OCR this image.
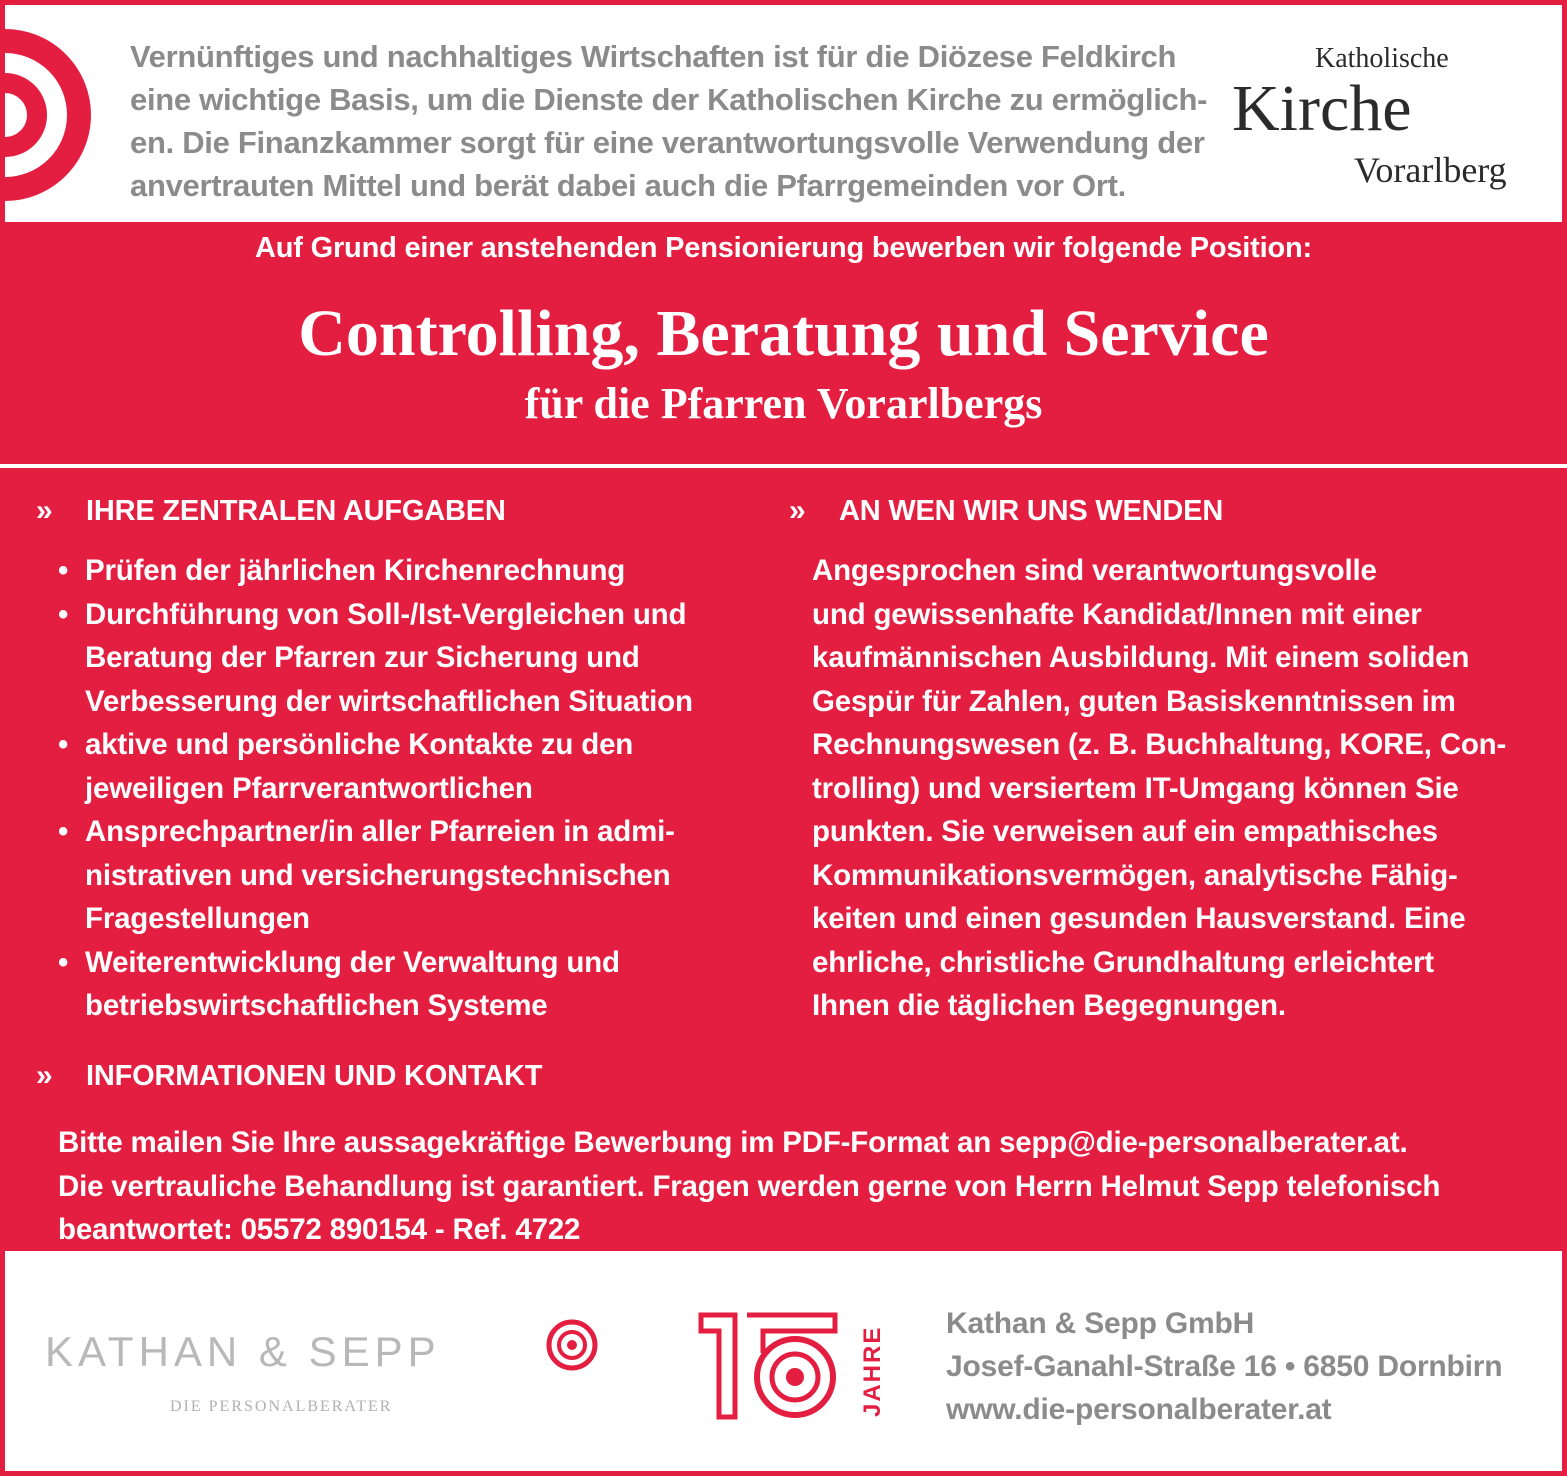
Vernünftiges und nachhaltiges Wirtschaften ist für die Diözese Feldkirch
eine wichtige Basis, um die Dienste der Katholischen Kirche zu ermöglich-
en. Die Finanzkammer sorgt für eine verantwortungsvolle Verwendung der
anvertrauten Mittel und berät dabei auch die Pfarrgemeinden vor Ort.

Katholische
Kirche
Vorarlberg

Auf Grund einer anstehenden Pensionierung bewerben wir folgende Position:

Controlling, Beratung und Service
für die Pfarren Vorarlbergs
» IHRE ZENTRALEN AUFGABEN
• Prüfen der jährlichen Kirchenrechnung
• Durchführung von Soll-/Ist-Vergleichen und
Beratung der Pfarren zur Sicherung und
Verbesserung der wirtschaftlichen Situation
• aktive und persönliche Kontakte zu den
jeweiligen Pfarrverantwortlichen
• Ansprechpartner/in aller Pfarreien in admi-
nistrativen und versicherungstechnischen
Fragestellungen
• Weiterentwicklung der Verwaltung und
betriebswirtschaftlichen Systeme
» AN WEN WIR UNS WENDEN

Angesprochen sind verantwortungsvolle
und gewissenhafte Kandidat/Innen mit einer
kaufmännischen Ausbildung. Mit einem soliden
Gespür für Zahlen, guten Basiskenntnissen im
Rechnungswesen (z. B. Buchhaltung, KORE, Con-
trolling) und versiertem IT-Umgang können Sie
punkten. Sie verweisen auf ein empathisches
Kommunikationsvermögen, analytische Fähig-
keiten und einen gesunden Hausverstand. Eine
ehrliche, christliche Grundhaltung erleichtert
Ihnen die täglichen Begegnungen.

» INFORMATIONEN UND KONTAKT

Bitte mailen Sie Ihre aussagekräftige Bewerbung im PDF-Format an sepp@die-personalberater.at.
Die vertrauliche Behandlung ist garantiert. Fragen werden gerne von Herrn Helmut Sepp telefonisch
beantwortet: 05572 890154 - Ref. 4722

KATHAN & SEPP
DIE PERSONALBERATER
15
JAHRE

Kathan & Sepp GmbH
Josef-Ganahl-Straße 16 • 6850 Dornbirn
www.die-personalberater.at
